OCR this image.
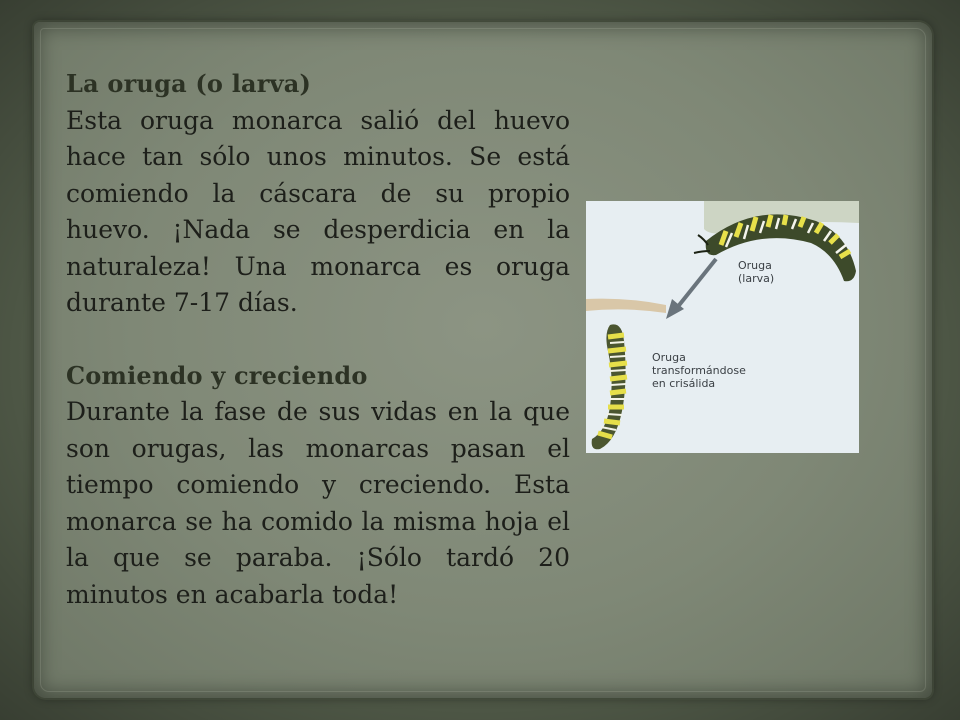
La oruga (o larva)

Esta oruga monarca salió del huevo hace tan sólo unos minutos. Se está comiendo la cáscara de su propio huevo. ¡Nada se desperdicia en la naturaleza! Una monarca es oruga durante 7-17 días.

Comiendo y creciendo

Durante la fase de sus vidas en la que son orugas, las monarcas pasan el tiempo comiendo y creciendo. Esta monarca se ha comido la misma hoja el la que se paraba. ¡Sólo tardó 20 minutos en acabarla toda!

Oruga
(larva)
Oruga
transformándose
en crisálida
